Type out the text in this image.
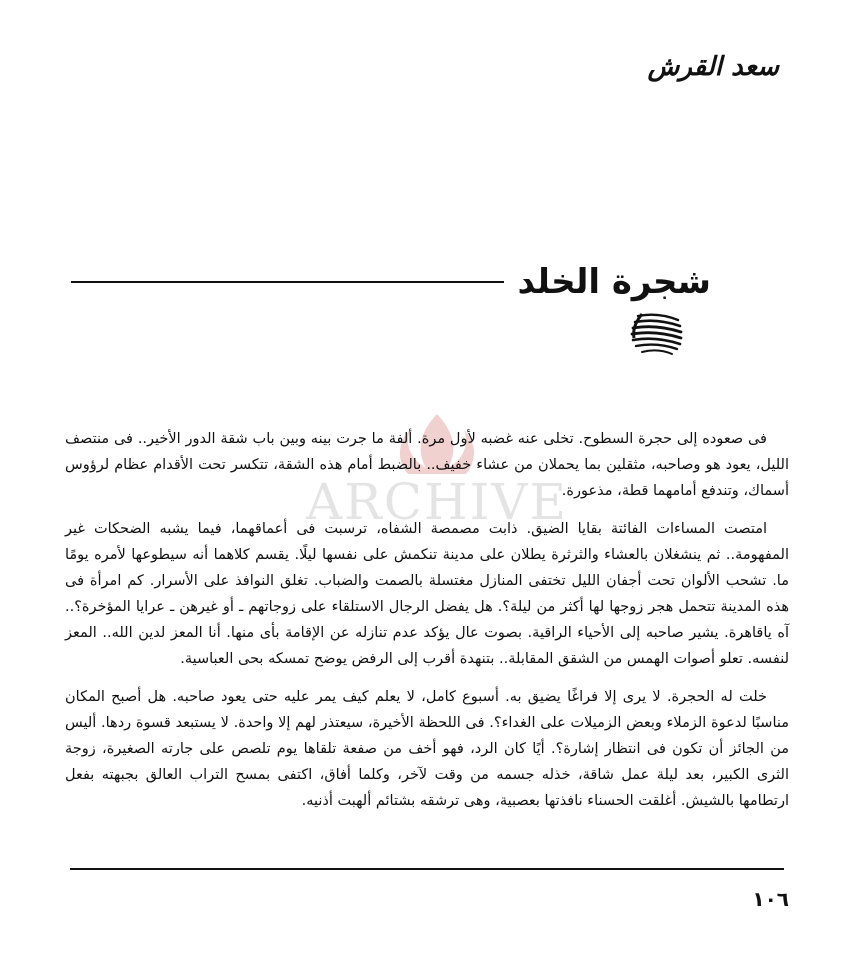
سعد القرش
شجرة الخلد
ARCHIVE

فى صعوده إلى حجرة السطوح. تخلى عنه غضبه لأول مرة. ألفة ما جرت بينه وبين باب شقة الدور الأخير.. فى منتصف الليل، يعود هو وصاحبه، مثقلين بما يحملان من عشاء خفيف.. بالضبط أمام هذه الشقة، تتكسر تحت الأقدام عظام لرؤوس أسماك، وتندفع أمامهما قطة، مذعورة.

امتصت المساءات الفائتة بقايا الضيق. ذابت مصمصة الشفاه، ترسبت فى أعماقهما، فيما يشبه الضحكات غير المفهومة.. ثم ينشغلان بالعشاء والثرثرة يطلان على مدينة تنكمش على نفسها ليلًا. يقسم كلاهما أنه سيطوعها لأمره يومًا ما. تشحب الألوان تحت أجفان الليل تختفى المنازل مغتسلة بالصمت والضباب. تغلق النوافذ على الأسرار. كم امرأة فى هذه المدينة تتحمل هجر زوجها لها أكثر من ليلة؟. هل يفضل الرجال الاستلقاء على زوجاتهم ـ أو غيرهن ـ عرايا المؤخرة؟.. آه ياقاهرة. يشير صاحبه إلى الأحياء الراقية. بصوت عال يؤكد عدم تنازله عن الإقامة بأى منها. أنا المعز لدين الله.. المعز لنفسه. تعلو أصوات الهمس من الشقق المقابلة.. بتنهدة أقرب إلى الرفض يوضح تمسكه بحى العباسية.

خلت له الحجرة. لا يرى إلا فراغًا يضيق به. أسبوع كامل، لا يعلم كيف يمر عليه حتى يعود صاحبه. هل أصبح المكان مناسبًا لدعوة الزملاء وبعض الزميلات على الغداء؟. فى اللحظة الأخيرة، سيعتذر لهم إلا واحدة. لا يستبعد قسوة ردها. أليس من الجائز أن تكون فى انتظار إشارة؟. أيًا كان الرد، فهو أخف من صفعة تلقاها يوم تلصص على جارته الصغيرة، زوجة الثرى الكبير، بعد ليلة عمل شاقة، خذله جسمه من وقت لآخر، وكلما أفاق، اكتفى بمسح التراب العالق بجبهته بفعل ارتطامها بالشيش. أغلقت الحسناء نافذتها بعصبية، وهى ترشقه بشتائم ألهبت أذنيه.

١٠٦
